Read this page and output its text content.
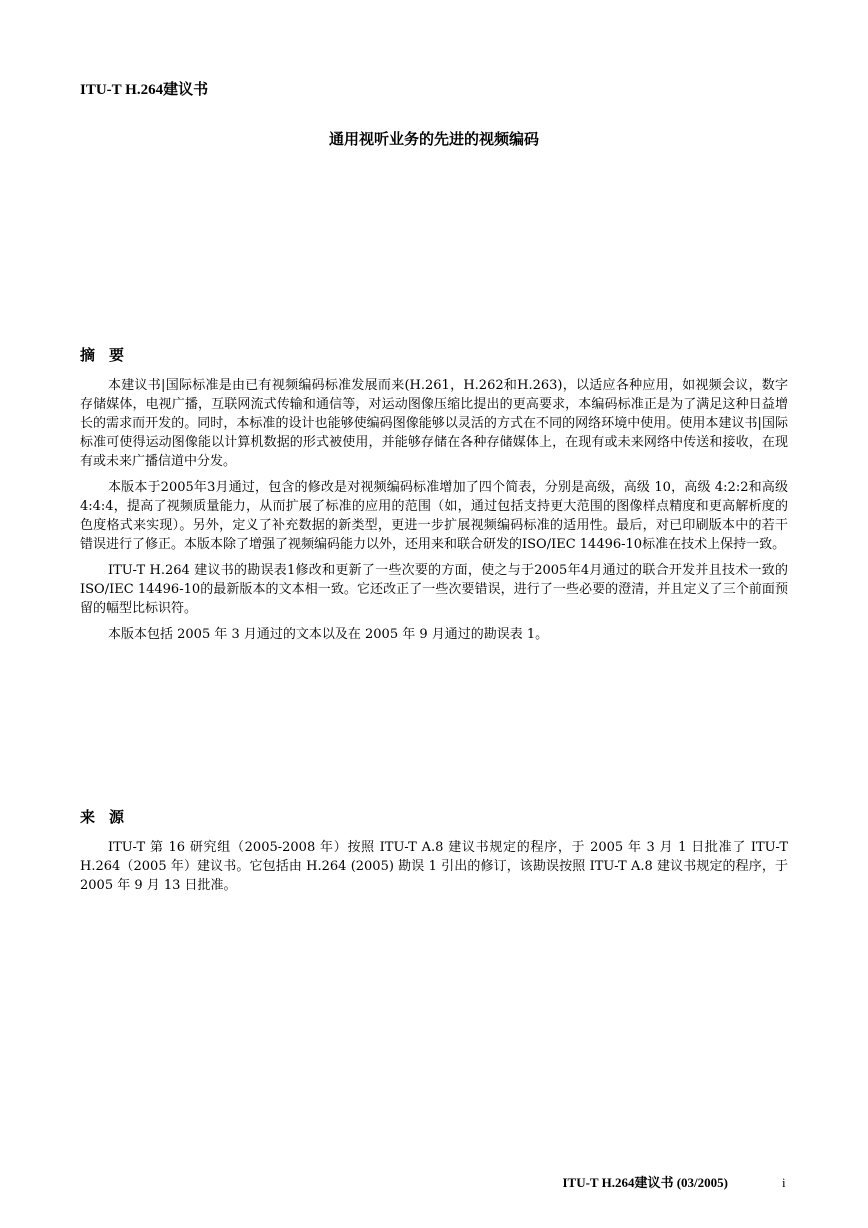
ITU-T H.264建议书
通用视听业务的先进的视频编码
摘要

本建议书|国际标准是由已有视频编码标准发展而来(H.261，H.262和H.263)，以适应各种应用，如视频会议，数字存储媒体，电视广播，互联网流式传输和通信等，对运动图像压缩比提出的更高要求，本编码标准正是为了满足这种日益增长的需求而开发的。同时，本标准的设计也能够使编码图像能够以灵活的方式在不同的网络环境中使用。使用本建议书|国际标准可使得运动图像能以计算机数据的形式被使用，并能够存储在各种存储媒体上，在现有或未来网络中传送和接收，在现有或未来广播信道中分发。

本版本于2005年3月通过，包含的修改是对视频编码标准增加了四个简表，分别是高级，高级 10，高级 4:2:2和高级 4:4:4，提高了视频质量能力，从而扩展了标准的应用的范围（如，通过包括支持更大范围的图像样点精度和更高解析度的色度格式来实现）。另外，定义了补充数据的新类型，更进一步扩展视频编码标准的适用性。最后，对已印刷版本中的若干错误进行了修正。本版本除了增强了视频编码能力以外，还用来和联合研发的ISO/IEC 14496-10标准在技术上保持一致。

ITU-T H.264 建议书的勘误表1修改和更新了一些次要的方面，使之与于2005年4月通过的联合开发并且技术一致的ISO/IEC 14496-10的最新版本的文本相一致。它还改正了一些次要错误，进行了一些必要的澄清，并且定义了三个前面预留的幅型比标识符。

本版本包括 2005 年 3 月通过的文本以及在 2005 年 9 月通过的勘误表 1。

来源

ITU-T 第 16 研究组（2005-2008 年）按照 ITU-T A.8 建议书规定的程序，于 2005 年 3 月 1 日批准了 ITU-T H.264（2005 年）建议书。它包括由 H.264 (2005) 勘误 1 引出的修订，该勘误按照 ITU-T A.8 建议书规定的程序，于 2005 年 9 月 13 日批准。

ITU-T H.264建议书 (03/2005)	i
